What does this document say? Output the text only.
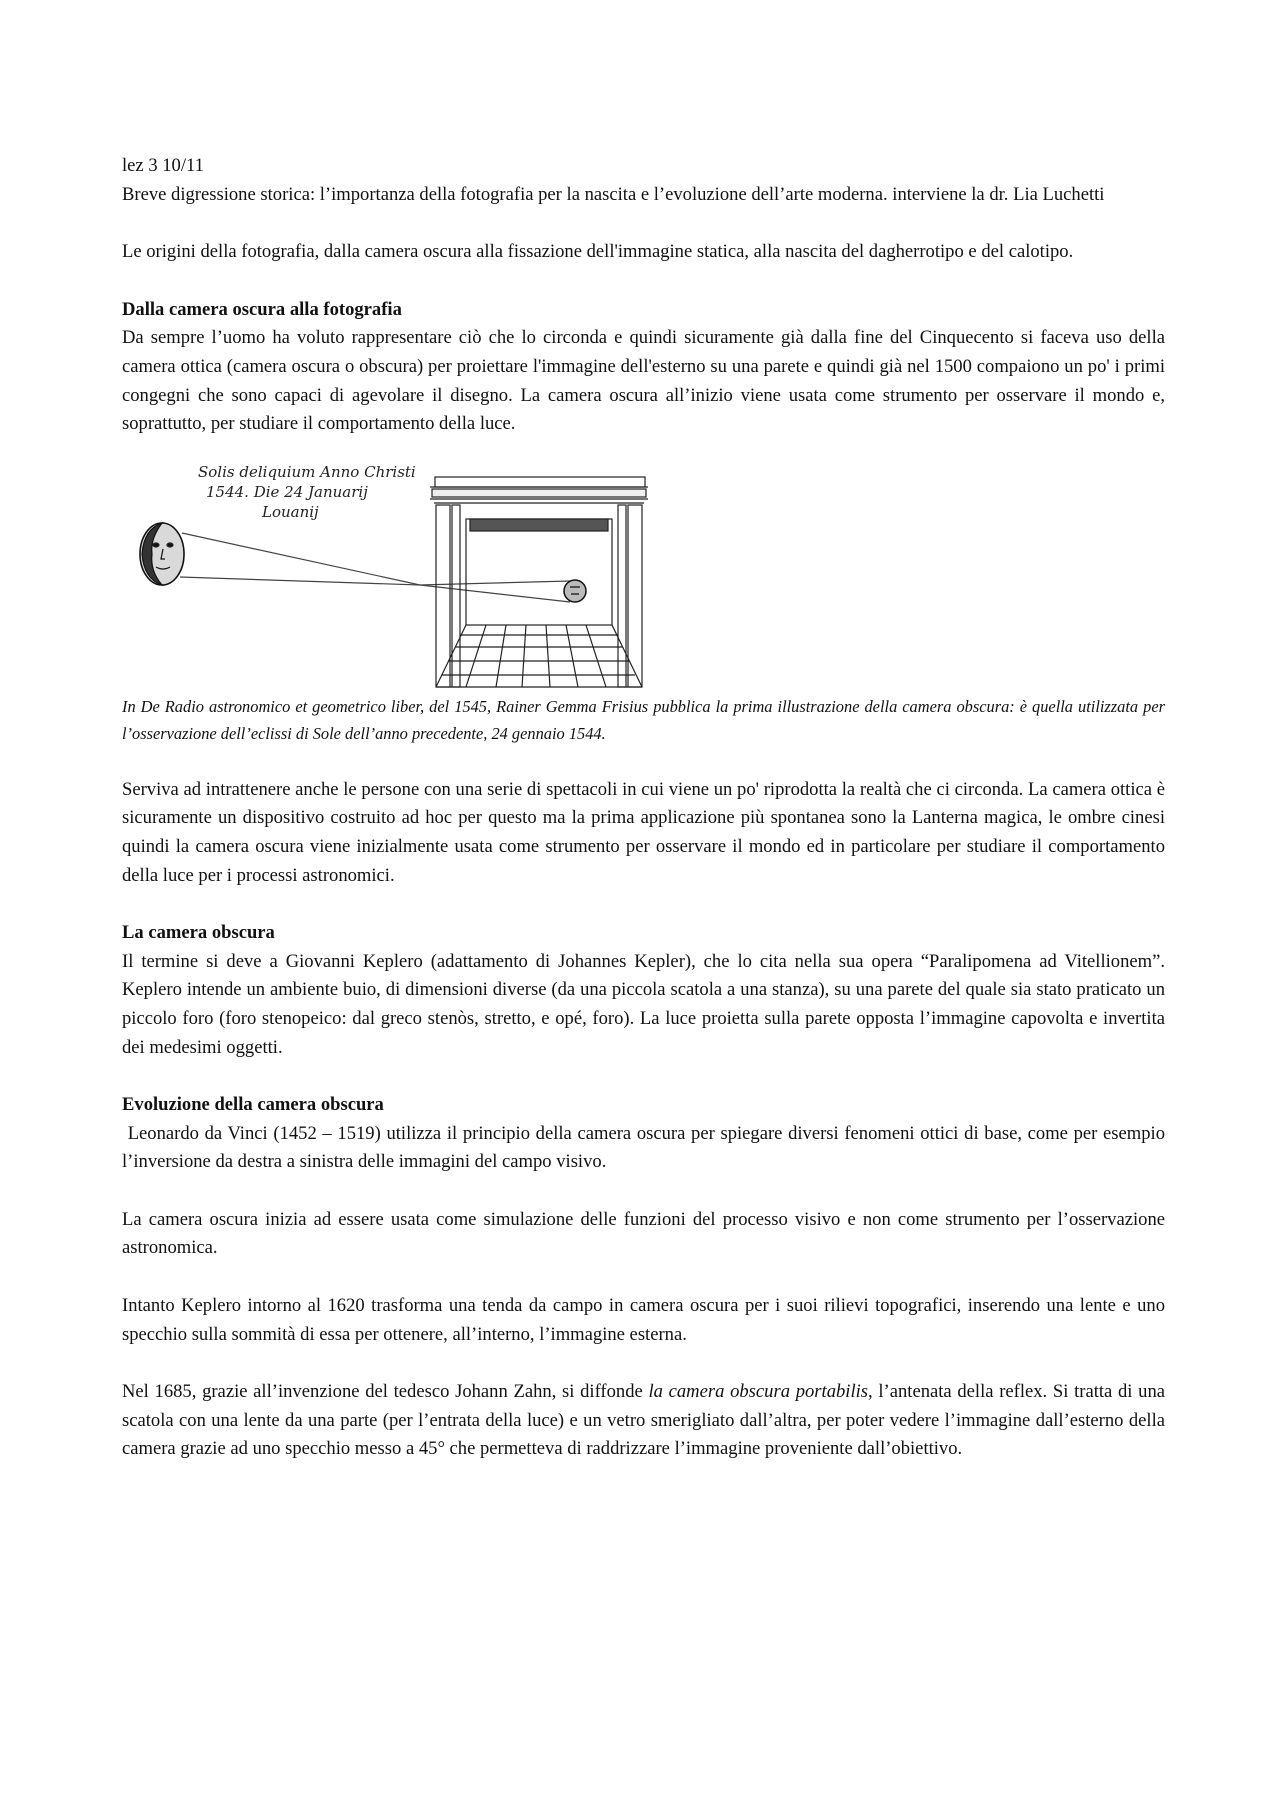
lez 3 10/11

Breve digressione storica: l’importanza della fotografia per la nascita e l’evoluzione dell’arte moderna. interviene la dr. Lia Luchetti

Le origini della fotografia, dalla camera oscura alla fissazione dell'immagine statica, alla nascita del dagherrotipo e del calotipo.

Dalla camera oscura alla fotografia

Da sempre l’uomo ha voluto rappresentare ciò che lo circonda e quindi sicuramente già dalla fine del Cinquecento si faceva uso della camera ottica (camera oscura o obscura) per proiettare l'immagine dell'esterno su una parete e quindi già nel 1500 compaiono un po' i primi congegni che sono capaci di agevolare il disegno. La camera oscura all’inizio viene usata come strumento per osservare il mondo e, soprattutto, per studiare il comportamento della luce.

Solis deliquium Anno Christi
1544. Die 24 Januarij
Louanij

In De Radio astronomico et geometrico liber, del 1545, Rainer Gemma Frisius pubblica la prima illustrazione della camera obscura: è quella utilizzata per l’osservazione dell’eclissi di Sole dell’anno precedente, 24 gennaio 1544.

Serviva ad intrattenere anche le persone con una serie di spettacoli in cui viene un po' riprodotta la realtà che ci circonda. La camera ottica è sicuramente un dispositivo costruito ad hoc per questo ma la prima applicazione più spontanea sono la Lanterna magica, le ombre cinesi quindi la camera oscura viene inizialmente usata come strumento per osservare il mondo ed in particolare per studiare il comportamento della luce per i processi astronomici.

La camera obscura

Il termine si deve a Giovanni Keplero (adattamento di Johannes Kepler), che lo cita nella sua opera “Paralipomena ad Vitellionem”. Keplero intende un ambiente buio, di dimensioni diverse (da una piccola scatola a una stanza), su una parete del quale sia stato praticato un piccolo foro (foro stenopeico: dal greco stenòs, stretto, e opé, foro). La luce proietta sulla parete opposta l’immagine capovolta e invertita dei medesimi oggetti.

Evoluzione della camera obscura

Leonardo da Vinci (1452 – 1519) utilizza il principio della camera oscura per spiegare diversi fenomeni ottici di base, come per esempio l’inversione da destra a sinistra delle immagini del campo visivo.

La camera oscura inizia ad essere usata come simulazione delle funzioni del processo visivo e non come strumento per l’osservazione astronomica.

Intanto Keplero intorno al 1620 trasforma una tenda da campo in camera oscura per i suoi rilievi topografici, inserendo una lente e uno specchio sulla sommità di essa per ottenere, all’interno, l’immagine esterna.

Nel 1685, grazie all’invenzione del tedesco Johann Zahn, si diffonde la camera obscura portabilis, l’antenata della reflex. Si tratta di una scatola con una lente da una parte (per l’entrata della luce) e un vetro smerigliato dall’altra, per poter vedere l’immagine dall’esterno della camera grazie ad uno specchio messo a 45° che permetteva di raddrizzare l’immagine proveniente dall’obiettivo.
